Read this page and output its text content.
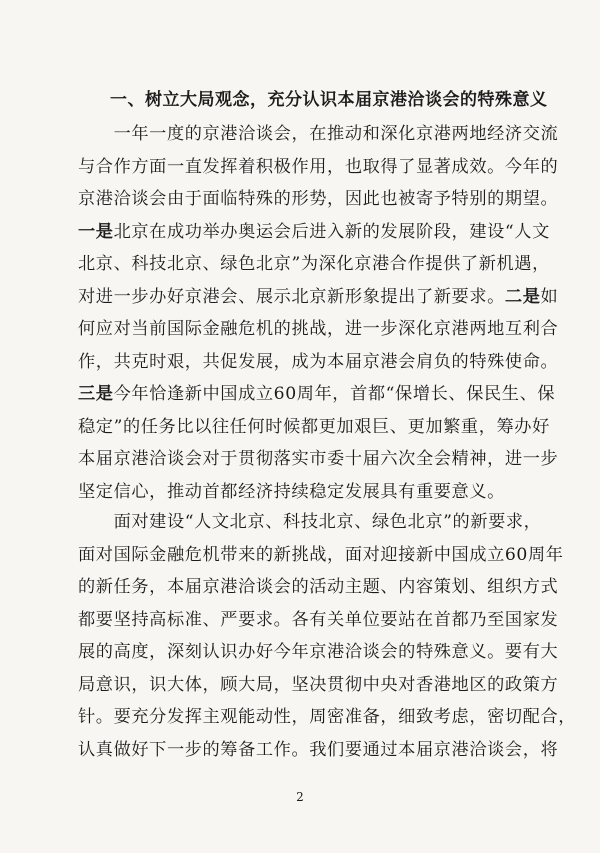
一、树立大局观念，充分认识本届京港洽谈会的特殊意义
　　一年一度的京港洽谈会，在推动和深化京港两地经济交流
与合作方面一直发挥着积极作用，也取得了显著成效。今年的
京港洽谈会由于面临特殊的形势，因此也被寄予特别的期望。
一是北京在成功举办奥运会后进入新的发展阶段，建设“人文
北京、科技北京、绿色北京”为深化京港合作提供了新机遇，
对进一步办好京港会、展示北京新形象提出了新要求。二是如
何应对当前国际金融危机的挑战，进一步深化京港两地互利合
作，共克时艰，共促发展，成为本届京港会肩负的特殊使命。
三是今年恰逢新中国成立60周年，首都“保增长、保民生、保
稳定”的任务比以往任何时候都更加艰巨、更加繁重，筹办好
本届京港洽谈会对于贯彻落实市委十届六次全会精神，进一步
坚定信心，推动首都经济持续稳定发展具有重要意义。
　　面对建设“人文北京、科技北京、绿色北京”的新要求，
面对国际金融危机带来的新挑战，面对迎接新中国成立60周年
的新任务，本届京港洽谈会的活动主题、内容策划、组织方式
都要坚持高标准、严要求。各有关单位要站在首都乃至国家发
展的高度，深刻认识办好今年京港洽谈会的特殊意义。要有大
局意识，识大体，顾大局，坚决贯彻中央对香港地区的政策方
针。要充分发挥主观能动性，周密准备，细致考虑，密切配合，
认真做好下一步的筹备工作。我们要通过本届京港洽谈会，将
2
